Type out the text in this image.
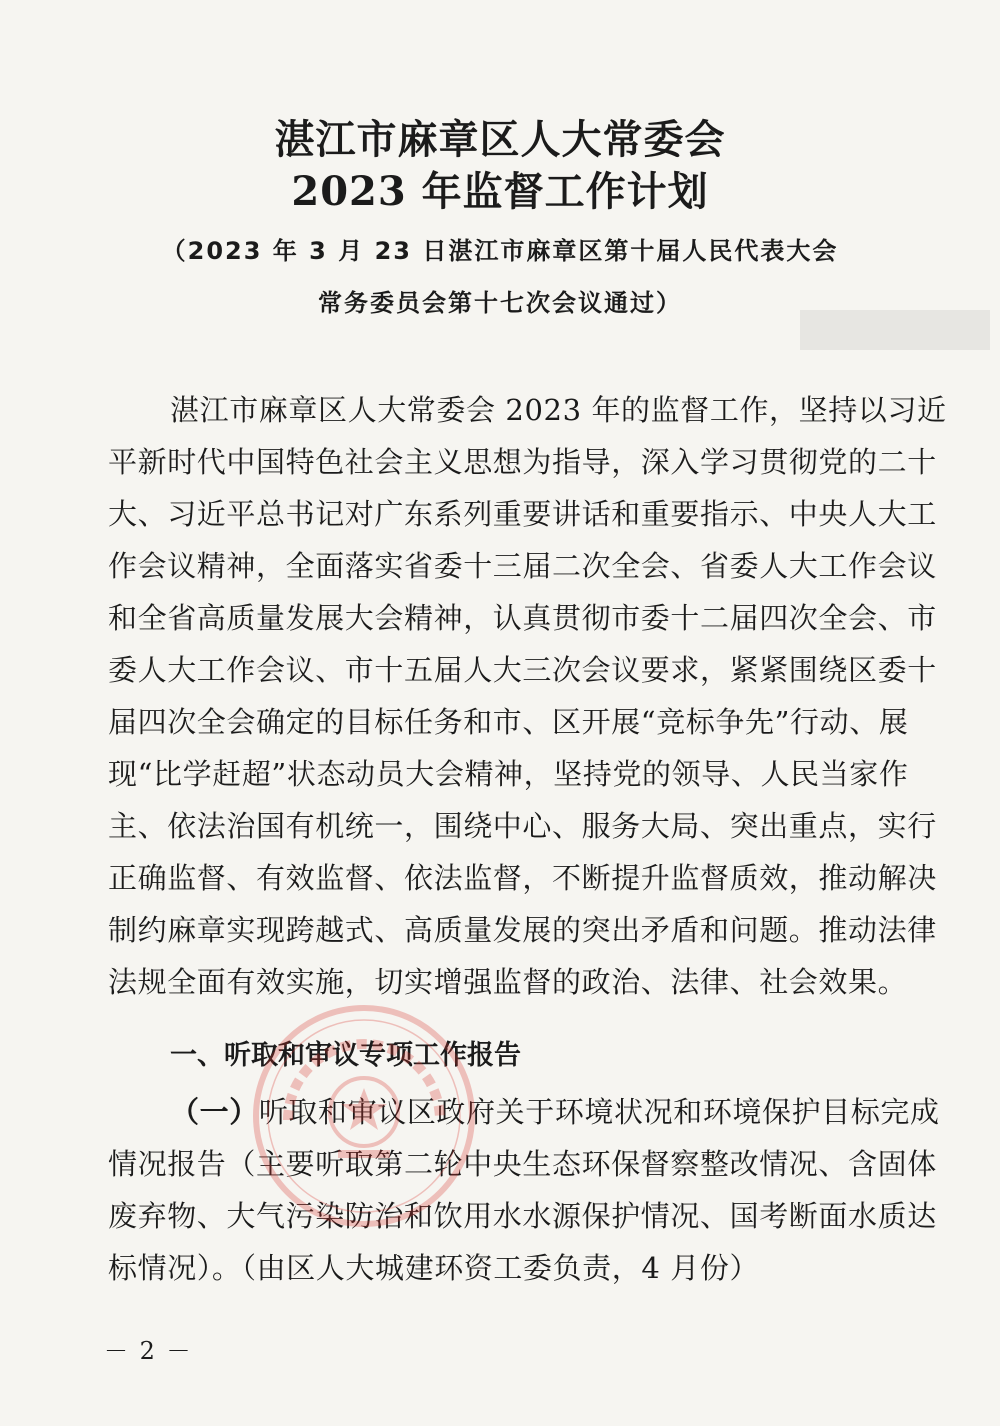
湛江市麻章区人大常委会
2023 年监督工作计划
（2023 年 3 月 23 日湛江市麻章区第十届人民代表大会
常务委员会第十七次会议通过）
湛江市麻章区人大常委会 2023 年的监督工作，坚持以习近
平新时代中国特色社会主义思想为指导，深入学习贯彻党的二十
大、习近平总书记对广东系列重要讲话和重要指示、中央人大工
作会议精神，全面落实省委十三届二次全会、省委人大工作会议
和全省高质量发展大会精神，认真贯彻市委十二届四次全会、市
委人大工作会议、市十五届人大三次会议要求，紧紧围绕区委十
届四次全会确定的目标任务和市、区开展“竞标争先”行动、展
现“比学赶超”状态动员大会精神，坚持党的领导、人民当家作
主、依法治国有机统一，围绕中心、服务大局、突出重点，实行
正确监督、有效监督、依法监督，不断提升监督质效，推动解决
制约麻章实现跨越式、高质量发展的突出矛盾和问题。推动法律
法规全面有效实施，切实增强监督的政治、法律、社会效果。
一、听取和审议专项工作报告
（一）听取和审议区政府关于环境状况和环境保护目标完成
情况报告（主要听取第二轮中央生态环保督察整改情况、含固体
废弃物、大气污染防治和饮用水水源保护情况、国考断面水质达
标情况）。（由区人大城建环资工委负责，4 月份）
－ 2 －
